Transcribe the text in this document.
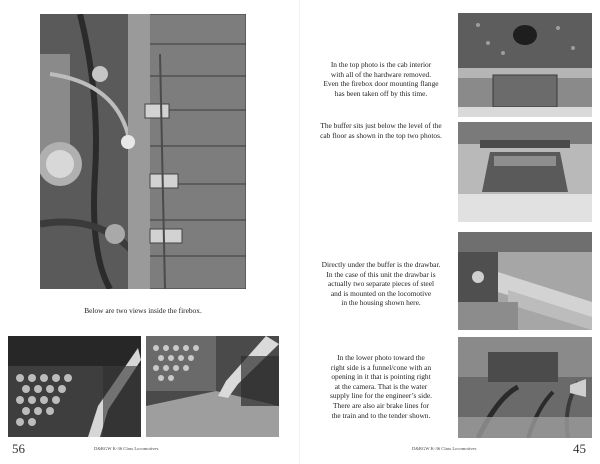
Below are two views inside the firebox.
56	D&RGW K-36 Class Locomotives
In the top photo is the cab interior
with all of the hardware removed.
Even the firebox door mounting flange
has been taken off by this time.
The buffer sits just below the level of the
cab floor as shown in the top two photos.
Directly under the buffer is the drawbar.
In the case of this unit the drawbar is
actually two separate pieces of steel
and is mounted on the locomotive
in the housing shown here.
In the lower photo toward the
right side is a funnel/cone with an
opening in it that is pointing right
at the camera. That is the water
supply line for the engineer’s side.
There are also air brake lines for
the train and to the tender shown.
D&RGW K-36 Class Locomotives	45
